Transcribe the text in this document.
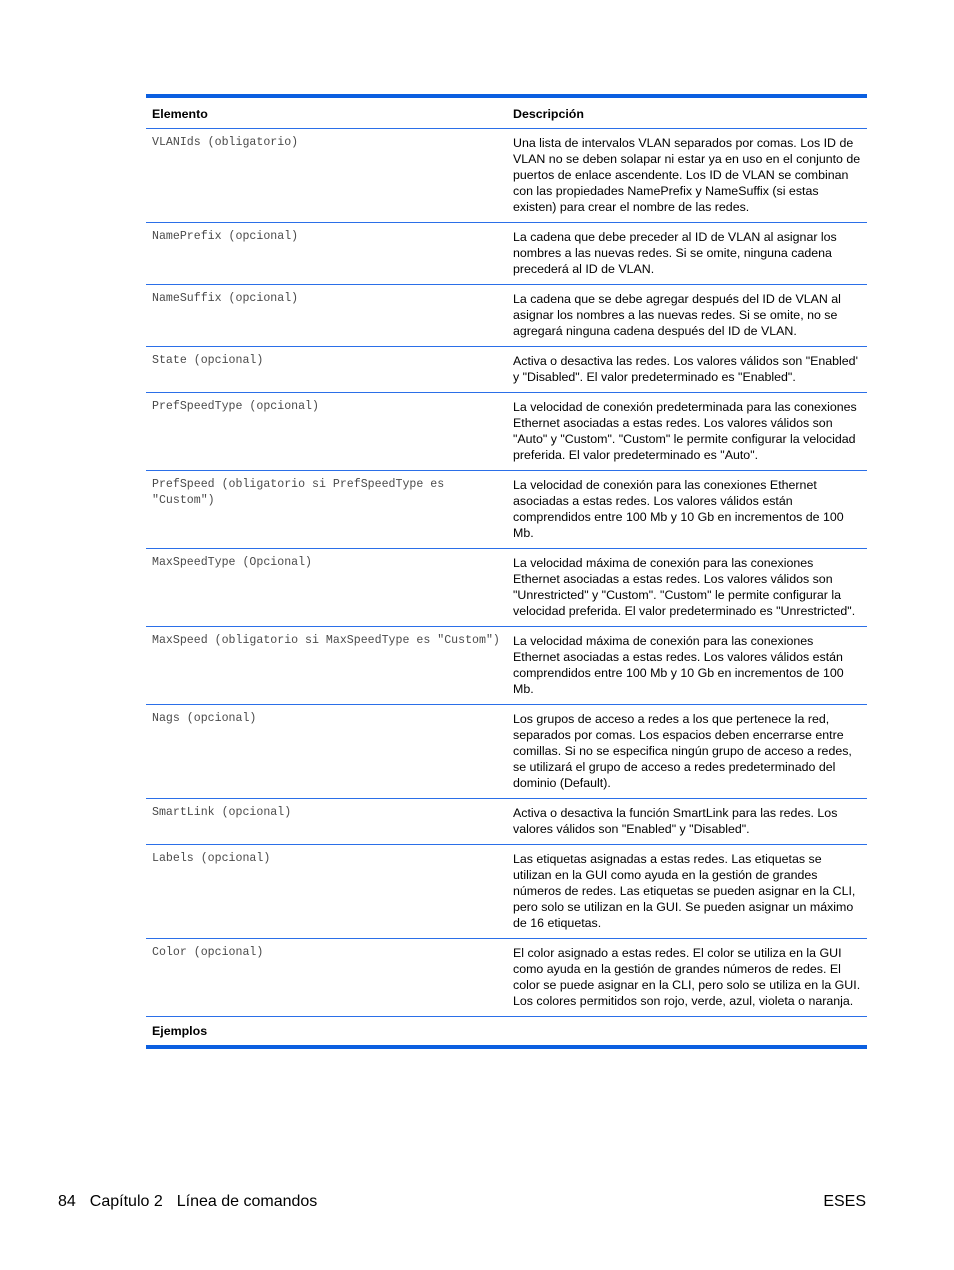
Elemento	Descripción
VLANIds (obligatorio)	Una lista de intervalos VLAN separados por comas. Los ID de VLAN no se deben solapar ni estar ya en uso en el conjunto de puertos de enlace ascendente. Los ID de VLAN se combinan con las propiedades NamePrefix y NameSuffix (si estas existen) para crear el nombre de las redes.
NamePrefix (opcional)	La cadena que debe preceder al ID de VLAN al asignar los nombres a las nuevas redes. Si se omite, ninguna cadena precederá al ID de VLAN.
NameSuffix (opcional)	La cadena que se debe agregar después del ID de VLAN al asignar los nombres a las nuevas redes. Si se omite, no se agregará ninguna cadena después del ID de VLAN.
State (opcional)	Activa o desactiva las redes. Los valores válidos son "Enabled' y "Disabled". El valor predeterminado es "Enabled".
PrefSpeedType (opcional)	La velocidad de conexión predeterminada para las conexiones Ethernet asociadas a estas redes. Los valores válidos son "Auto" y "Custom". "Custom" le permite configurar la velocidad preferida. El valor predeterminado es "Auto".
PrefSpeed (obligatorio si PrefSpeedType es "Custom")	La velocidad de conexión para las conexiones Ethernet asociadas a estas redes. Los valores válidos están comprendidos entre 100 Mb y 10 Gb en incrementos de 100 Mb.
MaxSpeedType (Opcional)	La velocidad máxima de conexión para las conexiones Ethernet asociadas a estas redes. Los valores válidos son "Unrestricted" y "Custom". "Custom" le permite configurar la velocidad preferida. El valor predeterminado es "Unrestricted".
MaxSpeed (obligatorio si MaxSpeedType es "Custom")	La velocidad máxima de conexión para las conexiones Ethernet asociadas a estas redes. Los valores válidos están comprendidos entre 100 Mb y 10 Gb en incrementos de 100 Mb.
Nags (opcional)	Los grupos de acceso a redes a los que pertenece la red, separados por comas. Los espacios deben encerrarse entre comillas. Si no se especifica ningún grupo de acceso a redes, se utilizará el grupo de acceso a redes predeterminado del dominio (Default).
SmartLink (opcional)	Activa o desactiva la función SmartLink para las redes. Los valores válidos son "Enabled" y "Disabled".
Labels (opcional)	Las etiquetas asignadas a estas redes. Las etiquetas se utilizan en la GUI como ayuda en la gestión de grandes números de redes. Las etiquetas se pueden asignar en la CLI, pero solo se utilizan en la GUI. Se pueden asignar un máximo de 16 etiquetas.
Color (opcional)	El color asignado a estas redes. El color se utiliza en la GUI como ayuda en la gestión de grandes números de redes. El color se puede asignar en la CLI, pero solo se utiliza en la GUI. Los colores permitidos son rojo, verde, azul, violeta o naranja.
Ejemplos	
84 Capítulo 2 Línea de comandos	ESES
